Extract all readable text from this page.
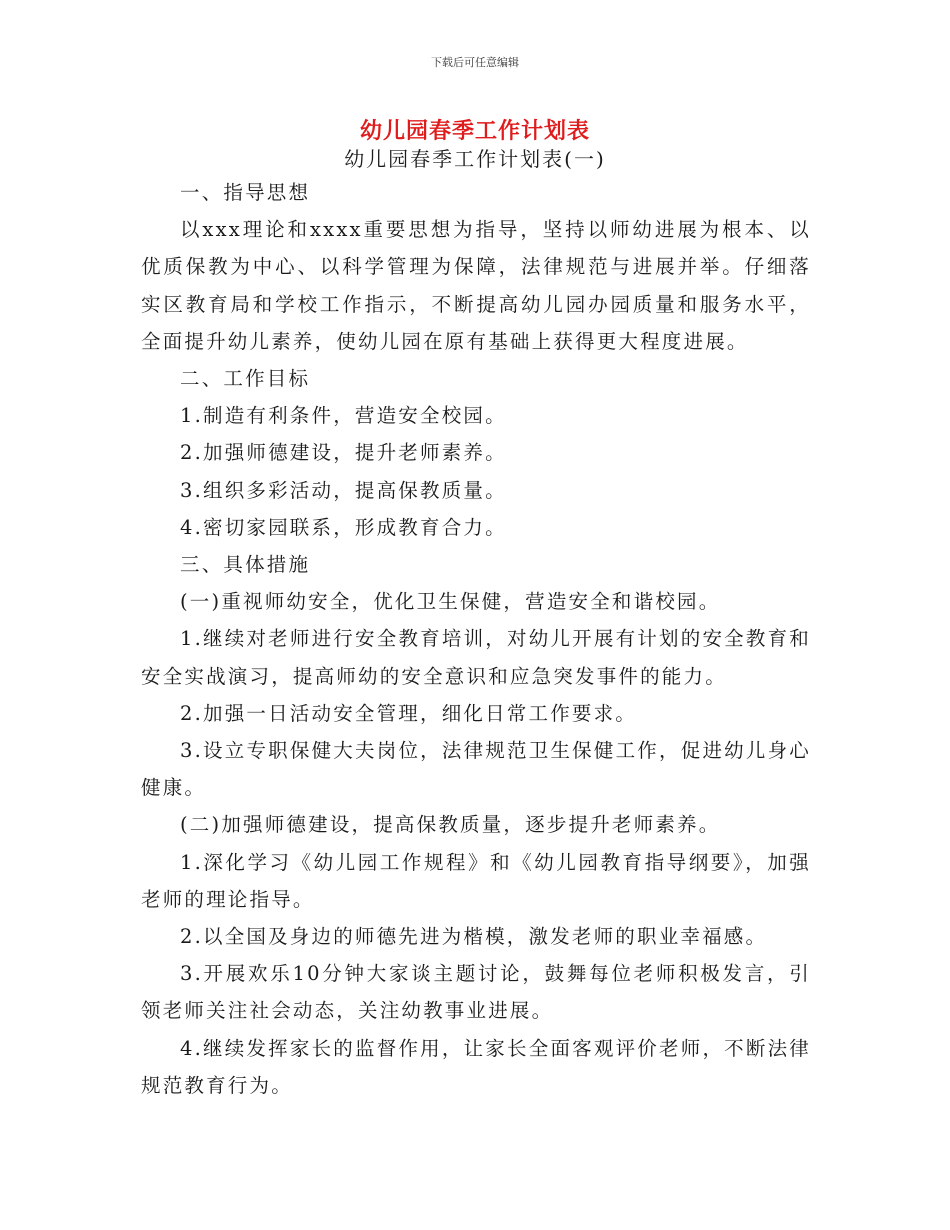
下载后可任意编辑
幼儿园春季工作计划表
幼儿园春季工作计划表(一)

一、指导思想

以xxx理论和xxxx重要思想为指导，坚持以师幼进展为根本、以优质保教为中心、以科学管理为保障，法律规范与进展并举。仔细落实区教育局和学校工作指示，不断提高幼儿园办园质量和服务水平，全面提升幼儿素养，使幼儿园在原有基础上获得更大程度进展。

二、工作目标

1.制造有利条件，营造安全校园。

2.加强师德建设，提升老师素养。

3.组织多彩活动，提高保教质量。

4.密切家园联系，形成教育合力。

三、具体措施

(一)重视师幼安全，优化卫生保健，营造安全和谐校园。

1.继续对老师进行安全教育培训，对幼儿开展有计划的安全教育和安全实战演习，提高师幼的安全意识和应急突发事件的能力。

2.加强一日活动安全管理，细化日常工作要求。

3.设立专职保健大夫岗位，法律规范卫生保健工作，促进幼儿身心健康。

(二)加强师德建设，提高保教质量，逐步提升老师素养。

1.深化学习《幼儿园工作规程》和《幼儿园教育指导纲要》，加强老师的理论指导。

2.以全国及身边的师德先进为楷模，激发老师的职业幸福感。

3.开展欢乐10分钟大家谈主题讨论，鼓舞每位老师积极发言，引领老师关注社会动态，关注幼教事业进展。

4.继续发挥家长的监督作用，让家长全面客观评价老师，不断法律规范教育行为。
